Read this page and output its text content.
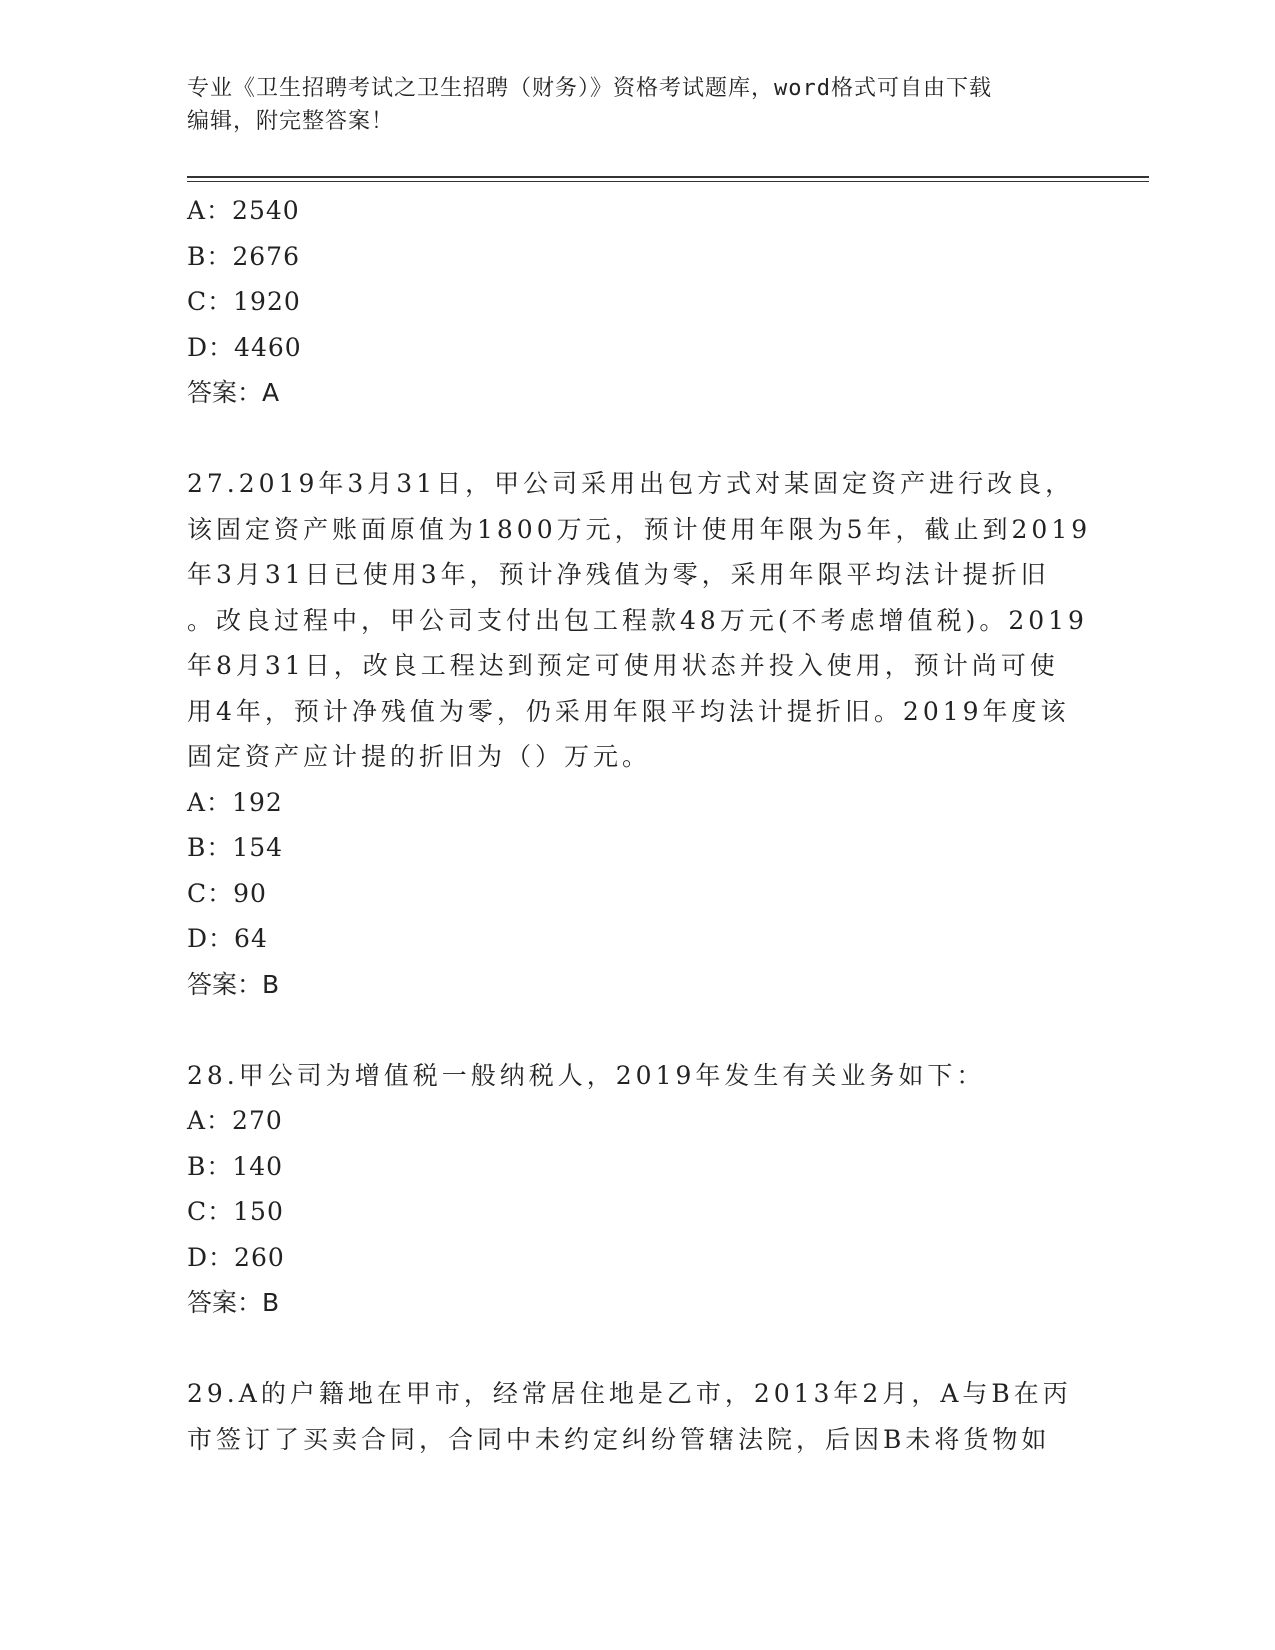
专业《卫生招聘考试之卫生招聘（财务）》资格考试题库，word格式可自由下载
编辑，附完整答案！
A：2540
B：2676
C：1920
D：4460
答案：A
27.2019年3月31日，甲公司采用出包方式对某固定资产进行改良，
该固定资产账面原值为1800万元，预计使用年限为5年，截止到2019
年3月31日已使用3年，预计净残值为零，采用年限平均法计提折旧
。改良过程中，甲公司支付出包工程款48万元(不考虑增值税)。2019
年8月31日，改良工程达到预定可使用状态并投入使用，预计尚可使
用4年，预计净残值为零，仍采用年限平均法计提折旧。2019年度该
固定资产应计提的折旧为（）万元。
A：192
B：154
C：90
D：64
答案：B
28.甲公司为增值税一般纳税人，2019年发生有关业务如下：
A：270
B：140
C：150
D：260
答案：B
29.A的户籍地在甲市，经常居住地是乙市，2013年2月，A与B在丙
市签订了买卖合同，合同中未约定纠纷管辖法院，后因B未将货物如
